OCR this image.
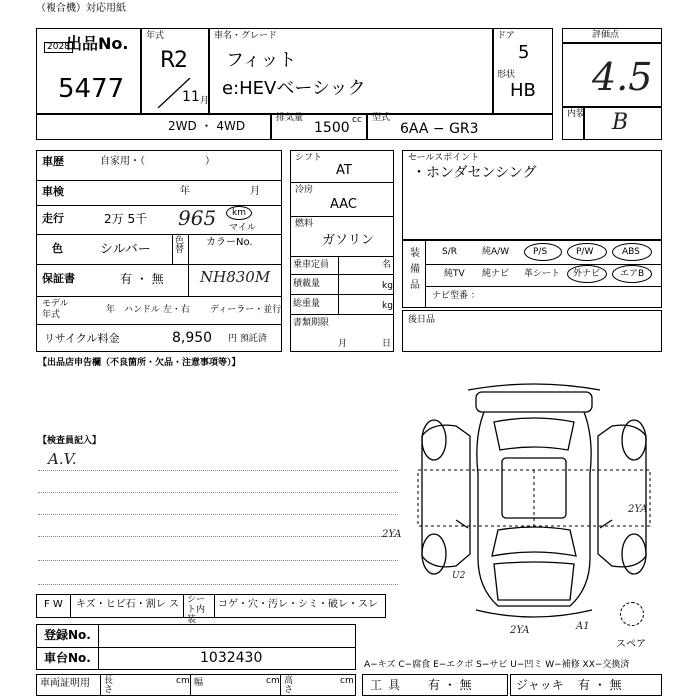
（複合機）対応用紙
2028
出品No.
5477
年式
R
2
11 月
車名・グレード
フィット
e:HEVベーシック
ドア
5
形状
HB
2WD ・ 4WD
排気量
1500 cc 型式
6AA − GR3
評価点
4.5
内装 B
車歴	自家用・（　　　　　　）
車検	年	月
走行	2万 5千 965 km
マイル
色	シルバー
色替
カラーNo.
保証書	有 ・ 無 NH830M
モデル
年式	年 ハンドル 左・右 ディーラー・並行
リサイクル料金	8,950 円 預託済
シフト
AT
冷房
AAC
燃料
ガソリン
乗車定員	名
積載量	kg
総重量	kg
書類期限
月	日
セールスポイント
・ホンダセンシング
装備品
S/R	純A/W	P/S	P/W	ABS
純TV 純ナビ 革シート 外ナビ エアB
ナビ型番 ：
後日品
【出品店申告欄（不良箇所・欠品・注意事項等）】
【検査員記入】
A.V.
2YA
2YA
2YA	A1
U2
スペア
F W キズ・ヒビ石・割レ ス シート内装
コゲ・穴・汚レ・シミ・破レ・スレ
登録No.
車台No.	1032430
車両証明用 長さ
cm 幅	cm 高さ
cm
A−キズ C−腐食 E−エクボ S−サビ U−凹ミ W−補修 XX−交換済
工具 有 ・ 無	ジャッキ 有 ・ 無
